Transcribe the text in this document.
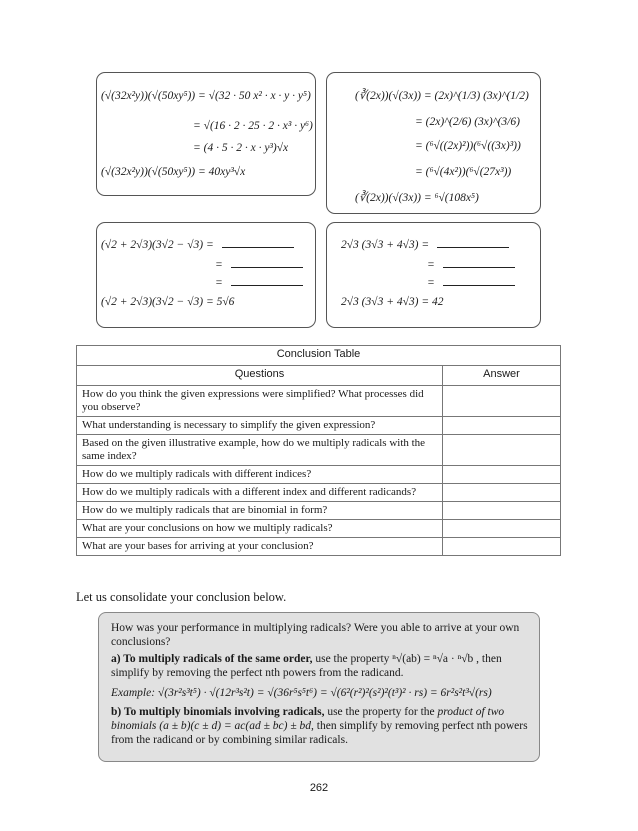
(√(32x²y))(√(50xy⁵)) = √(32 · 50 x² · x · y · y⁵)
= √(16 · 2 · 25 · 2 · x³ · y⁶)
= (4 · 5 · 2 · x · y³)√x
(√(32x²y))(√(50xy⁵)) = 40xy³√x
(∛(2x))(√(3x)) = (2x)^(1/3) (3x)^(1/2)
= (2x)^(2/6) (3x)^(3/6)
= (⁶√((2x)²))(⁶√((3x)³))
= (⁶√(4x²))(⁶√(27x³))
(∛(2x))(√(3x)) = ⁶√(108x⁵)
(√2 + 2√3)(3√2 − √3) =
=
=
(√2 + 2√3)(3√2 − √3) = 5√6
2√3 (3√3 + 4√3) =
=
=
2√3 (3√3 + 4√3) = 42
Conclusion Table	
Questions	Answer
How do you think the given expressions were simplified? What processes did you observe?	
What understanding is necessary to simplify the given expression?	
Based on the given illustrative example, how do we multiply radicals with the same index?	
How do we multiply radicals with different indices?	
How do we multiply radicals with a different index and different radicands?	
How do we multiply radicals that are binomial in form?	
What are your conclusions on how we multiply radicals?	
What are your bases for arriving at your conclusion?	
Let us consolidate your conclusion below.

How was your performance in multiplying radicals? Were you able to arrive at your own conclusions?

a) To multiply radicals of the same order, use the property ⁿ√(ab) = ⁿ√a · ⁿ√b , then simplify by removing the perfect nth powers from the radicand.

Example: √(3r²s³t⁵) · √(12r³s²t) = √(36r⁵s⁵t⁶) = √(6²(r²)²(s²)²(t³)² · rs) = 6r²s²t³√(rs)

b) To multiply binomials involving radicals, use the property for the product of two binomials (a ± b)(c ± d) = ac(ad ± bc) ± bd, then simplify by removing perfect nth powers from the radicand or by combining similar radicals.

262
